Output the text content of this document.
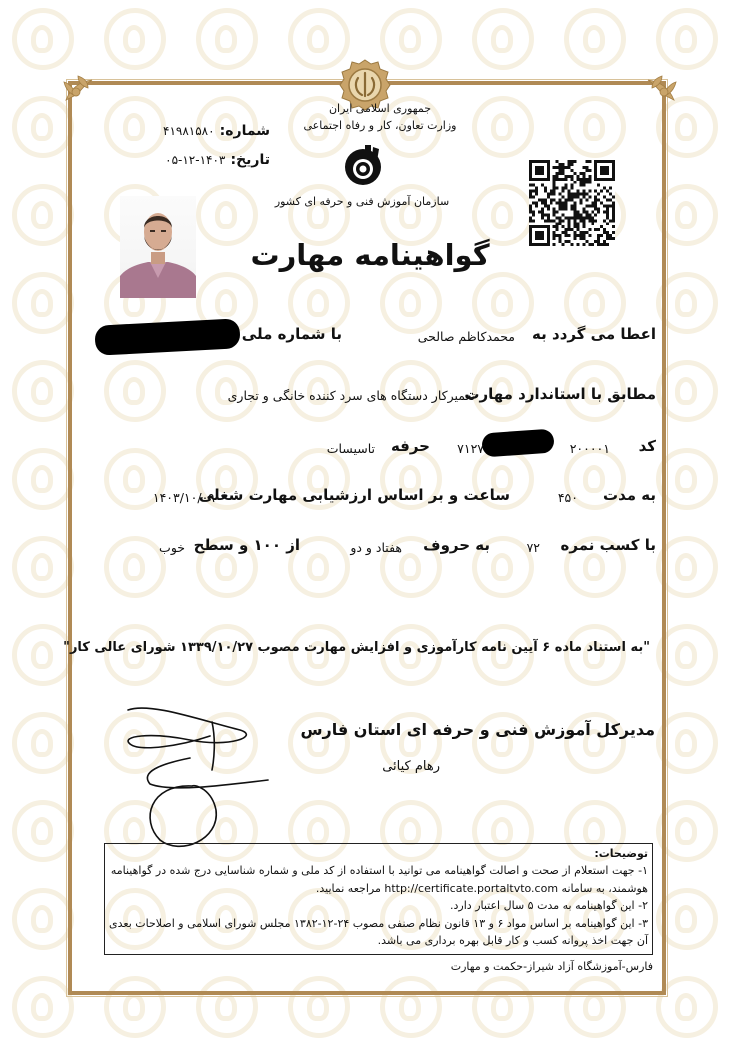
جمهوری اسلامی ایران
وزارت تعاون، کار و رفاه اجتماعی
سازمان آموزش فنی و حرفه ای کشور
شماره: ۴۱۹۸۱۵۸۰
تاریخ: ۱۴۰۳-۱۲-۰۵
گواهینامه مهارت
اعطا می گردد به
محمدکاظم صالحی
با شماره ملی
مطابق با استاندارد مهارت
تعمیرکار دستگاه های سرد کننده خانگی و تجاری
کد
۲۰۰۰۰۱
۷۱۲۷
حرفه
تاسیسات
به مدت
۴۵۰
ساعت و بر اساس ارزشیابی مهارت شغلی
۱۴۰۳/۱۰/۰۹
با کسب نمره
۷۲
به حروف
هفتاد و دو
از ۱۰۰ و سطح
خوب
"به استناد ماده ۶ آیین نامه کارآموزی و افزایش مهارت مصوب ۱۳۳۹/۱۰/۲۷ شورای عالی کار"
مدیرکل آموزش فنی و حرفه ای استان فارس
رهام کیائی
توضیحات:
۱- جهت استعلام از صحت و اصالت گواهینامه می توانید با استفاده از کد ملی و شماره شناسایی درج شده در گواهینامه هوشمند، به سامانه http://certificate.portaltvto.com مراجعه نمایید.
۲- این گواهینامه به مدت ۵ سال اعتبار دارد.
۳- این گواهینامه بر اساس مواد ۶ و ۱۳ قانون نظام صنفی مصوب ۲۴-۱۲-۱۳۸۲ مجلس شورای اسلامی و اصلاحات بعدی آن جهت اخذ پروانه کسب و کار قابل بهره برداری می باشد.
فارس-آموزشگاه آزاد شیراز-حکمت و مهارت
